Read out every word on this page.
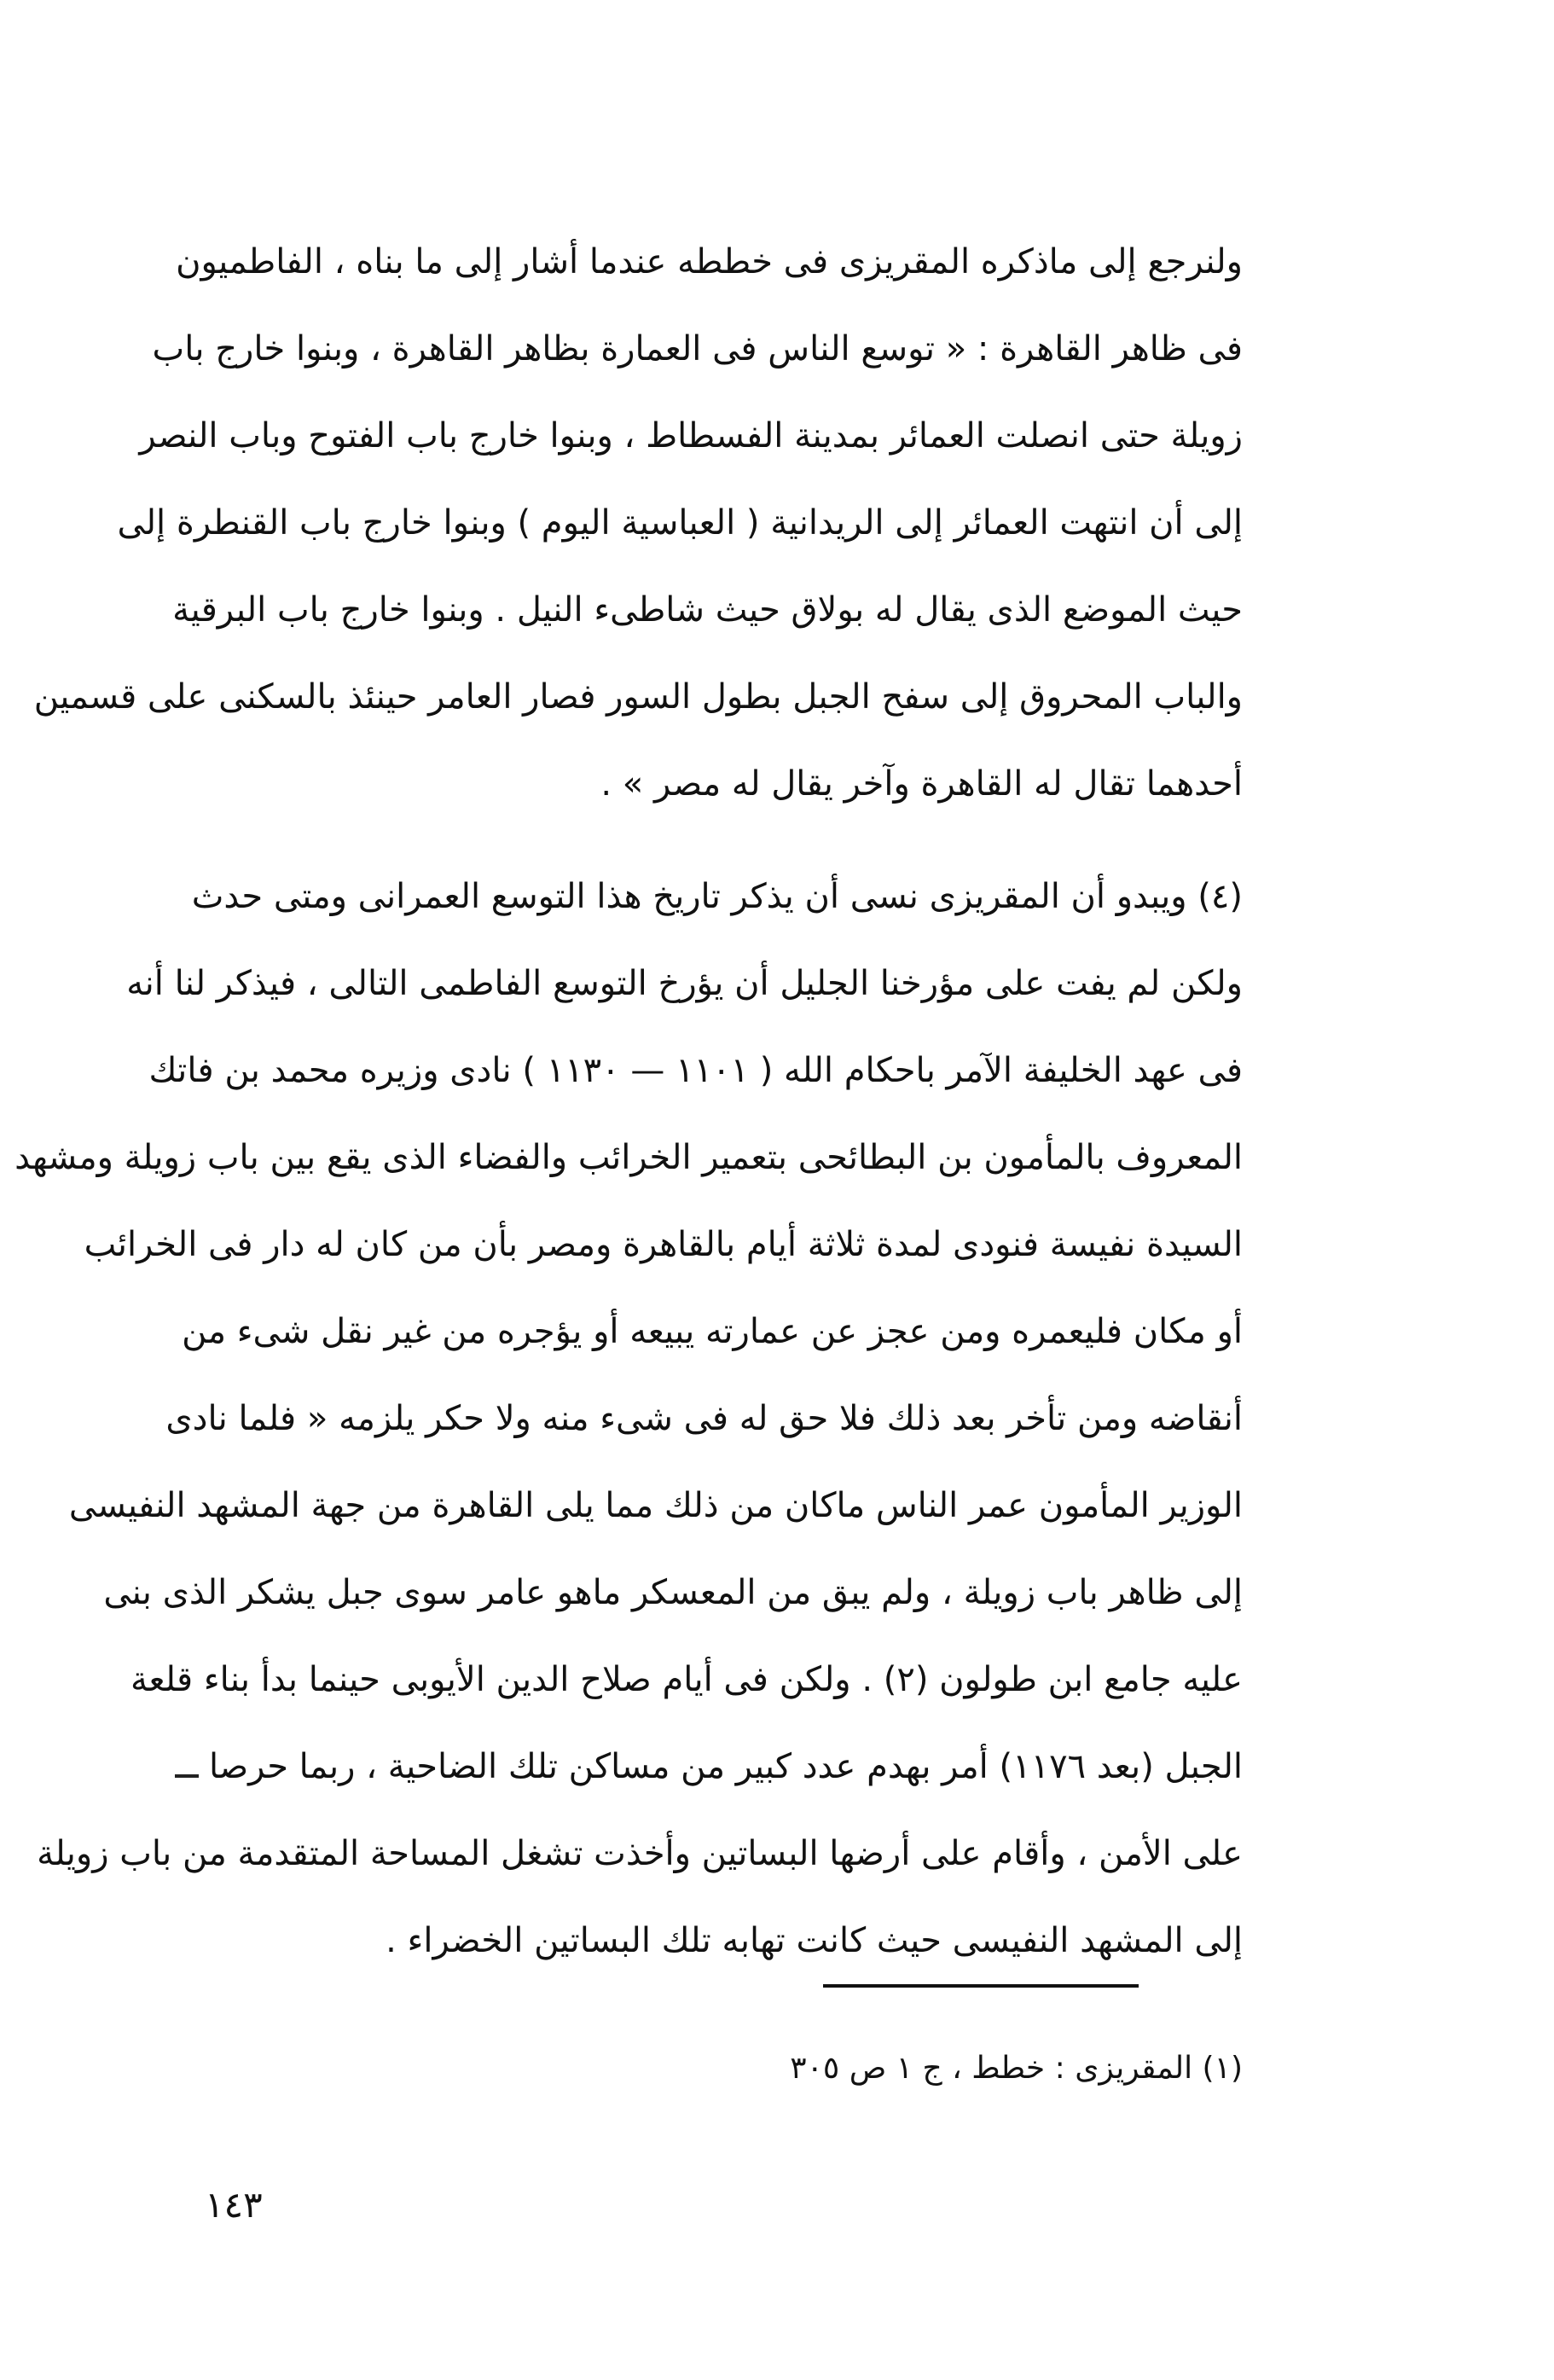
ولنرجع إلى ماذكره المقريزى فى خططه عندما أشار إلى ما بناه ، الفاطميون
فى ظاهر القاهرة : « توسع الناس فى العمارة بظاهر القاهرة ، وبنوا خارج باب
زويلة حتى انصلت العمائر بمدينة الفسطاط ، وبنوا خارج باب الفتوح وباب النصر
إلى أن انتهت العمائر إلى الريدانية ( العباسية اليوم ) وبنوا خارج باب القنطرة إلى
حيث الموضع الذى يقال له بولاق حيث شاطىء النيل . وبنوا خارج باب البرقية
والباب المحروق إلى سفح الجبل بطول السور فصار العامر حينئذ بالسكنى على قسمين
أحدهما تقال له القاهرة وآخر يقال له مصر » .
(٤) ويبدو أن المقريزى نسى أن يذكر تاريخ هذا التوسع العمرانى ومتى حدث
ولكن لم يفت على مؤرخنا الجليل أن يؤرخ التوسع الفاطمى التالى ، فيذكر لنا أنه
فى عهد الخليفة الآمر باحكام الله ( ١١٠١ — ١١٣٠ ) نادى وزيره محمد بن فاتك
المعروف بالمأمون بن البطائحى بتعمير الخرائب والفضاء الذى يقع بين باب زويلة ومشهد
السيدة نفيسة فنودى لمدة ثلاثة أيام بالقاهرة ومصر بأن من كان له دار فى الخرائب
أو مكان فليعمره ومن عجز عن عمارته يبيعه أو يؤجره من غير نقل شىء من
أنقاضه ومن تأخر بعد ذلك فلا حق له فى شىء منه ولا حكر يلزمه « فلما نادى
الوزير المأمون عمر الناس ماكان من ذلك مما يلى القاهرة من جهة المشهد النفيسى
إلى ظاهر باب زويلة ، ولم يبق من المعسكر ماهو عامر سوى جبل يشكر الذى بنى
عليه جامع ابن طولون (٢) . ولكن فى أيام صلاح الدين الأيوبى حينما بدأ بناء قلعة
الجبل (بعد ١١٧٦) أمر بهدم عدد كبير من مساكن تلك الضاحية ، ربما حرصا
على الأمن ، وأقام على أرضها البساتين وأخذت تشغل المساحة المتقدمة من باب زويلة
إلى المشهد النفيسى حيث كانت تهابه تلك البساتين الخضراء .
(١) المقريزى : خطط ، ج ١ ص ٣٠٥
١٤٣
